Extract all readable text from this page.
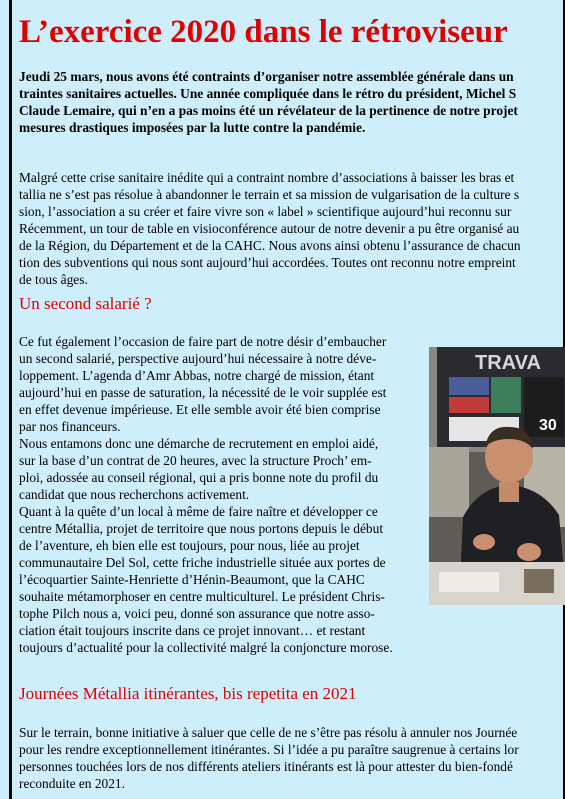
L’exercice 2020 dans le rétroviseur
Jeudi 25 mars, nous avons été contraints d’organiser notre assemblée générale dans un
traintes sanitaires actuelles. Une année compliquée dans le rétro du président, Michel S
Claude Lemaire, qui n’en a pas moins été un révélateur de la pertinence de notre projet
mesures drastiques imposées par la lutte contre la pandémie.
Malgré cette crise sanitaire inédite qui a contraint nombre d’associations à baisser les bras et
tallia ne s’est pas résolue à abandonner le terrain et sa mission de vulgarisation de la culture s
sion, l’association a su créer et faire vivre son « label » scientifique aujourd’hui reconnu sur
Récemment, un tour de table en visioconférence autour de notre devenir a pu être organisé au
de la Région, du Département et de la CAHC. Nous avons ainsi obtenu l’assurance de chacun
tion des subventions qui nous sont aujourd’hui accordées. Toutes ont reconnu notre empreint
de tous âges.
Un second salarié ?
Ce fut également l’occasion de faire part de notre désir d’embaucher
un second salarié, perspective aujourd’hui nécessaire à notre déve-
loppement. L’agenda d’Amr Abbas, notre chargé de mission, étant
aujourd’hui en passe de saturation, la nécessité de le voir supplée est
en effet devenue impérieuse. Et elle semble avoir été bien comprise
par nos financeurs.
Nous entamons donc une démarche de recrutement en emploi aidé,
sur la base d’un contrat de 20 heures, avec la structure Proch’ em-
ploi, adossée au conseil régional, qui a pris bonne note du profil du
candidat que nous recherchons activement.
Quant à la quête d’un local à même de faire naître et développer ce
centre Métallia, projet de territoire que nous portons depuis le début
de l’aventure, eh bien elle est toujours, pour nous, liée au projet
communautaire Del Sol, cette friche industrielle située aux portes de
l’écoquartier Sainte-Henriette d’Hénin-Beaumont, que la CAHC
souhaite métamorphoser en centre multiculturel. Le président Chris-
tophe Pilch nous a, voici peu, donné son assurance que notre asso-
ciation était toujours inscrite dans ce projet innovant… et restant
toujours d’actualité pour la collectivité malgré la conjoncture morose.
TRAVA
30
Journées Métallia itinérantes, bis repetita en 2021
Sur le terrain, bonne initiative à saluer que celle de ne s’être pas résolu à annuler nos Journée
pour les rendre exceptionnellement itinérantes. Si l’idée a pu paraître saugrenue à certains lor
personnes touchées lors de nos différents ateliers itinérants est là pour attester du bien-fondé
reconduite en 2021.
